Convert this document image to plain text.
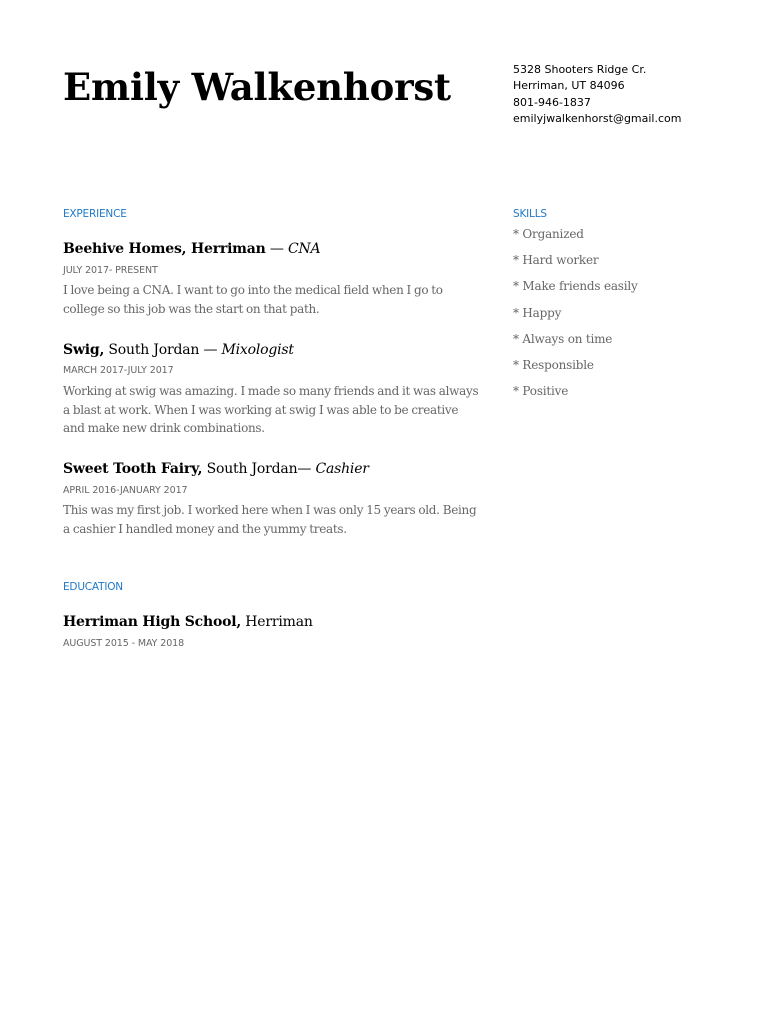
Emily Walkenhorst	5328 Shooters Ridge Cr.
Herriman, UT 84096
801-946-1837
emilyjwalkenhorst@gmail.com
EXPERIENCE
Beehive Homes, Herriman — CNA
JULY 2017- PRESENT
I love being a CNA. I want to go into the medical field when I go to college so this job was the start on that path.
Swig, South Jordan — Mixologist
MARCH 2017-JULY 2017
Working at swig was amazing. I made so many friends and it was always a blast at work. When I was working at swig I was able to be creative and make new drink combinations.
Sweet Tooth Fairy, South Jordan— Cashier
APRIL 2016-JANUARY 2017
This was my first job. I worked here when I was only 15 years old. Being a cashier I handled money and the yummy treats.
EDUCATION
Herriman High School, Herriman
AUGUST 2015 - MAY 2018
SKILLS
* Organized
* Hard worker
* Make friends easily
* Happy
* Always on time
* Responsible
* Positive
